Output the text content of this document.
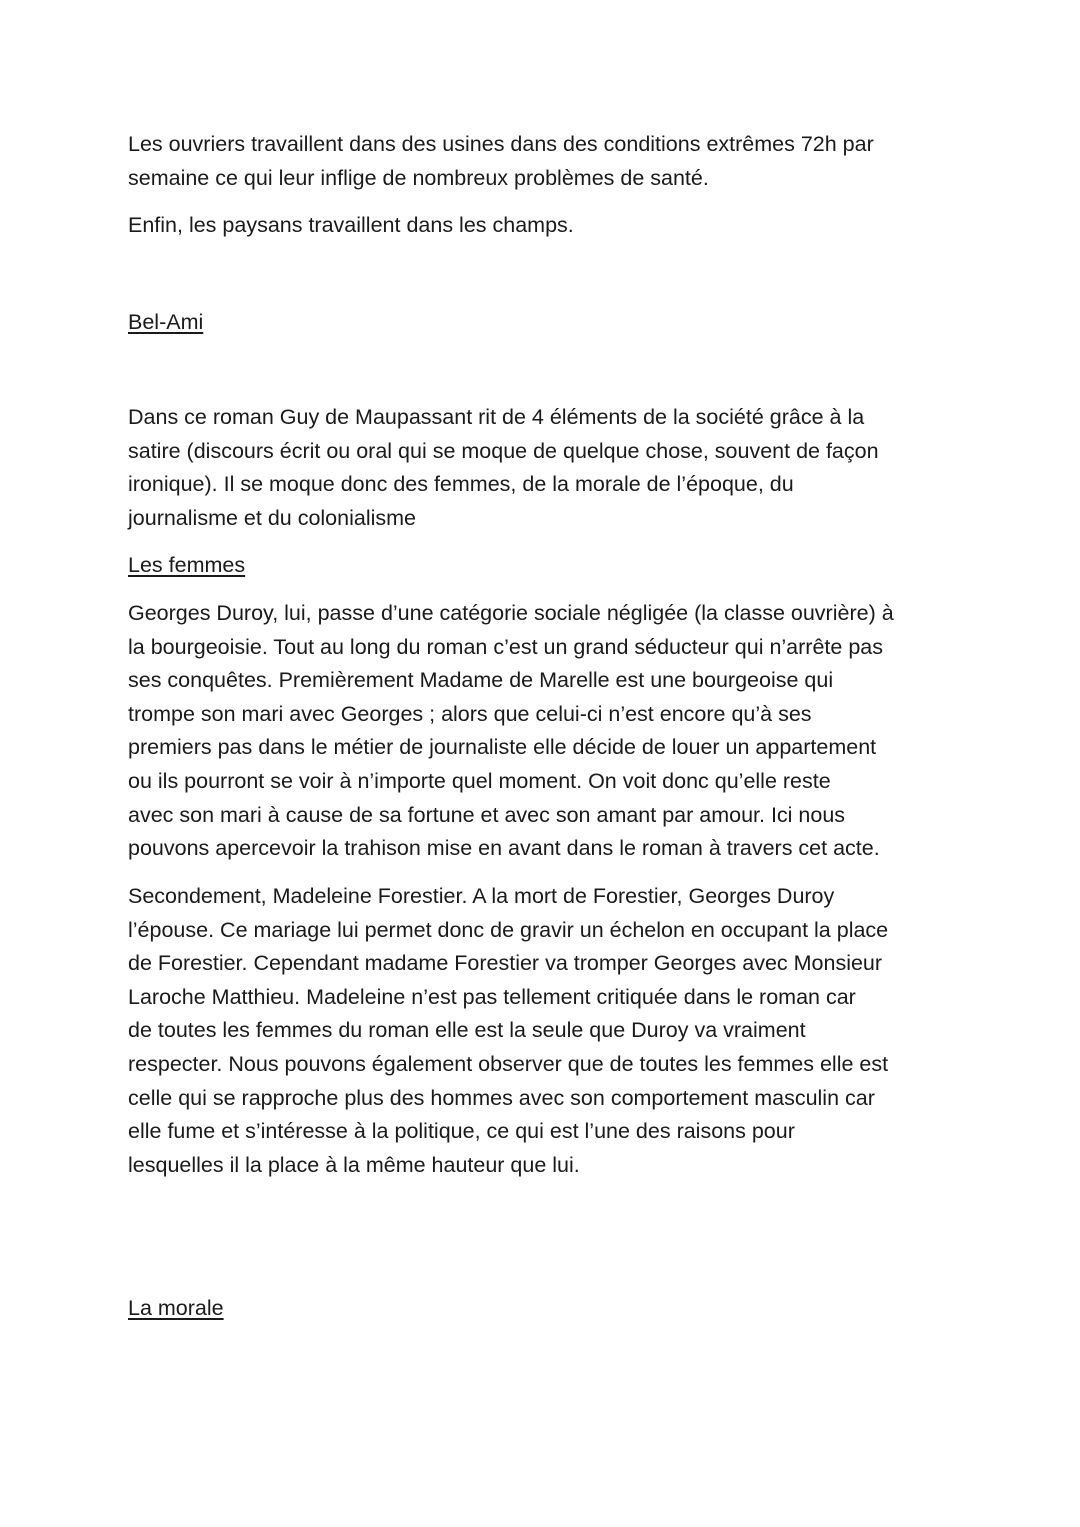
Les ouvriers travaillent dans des usines dans des conditions extrêmes 72h par
semaine ce qui leur inflige de nombreux problèmes de santé.
Enfin, les paysans travaillent dans les champs.
Bel-Ami
Dans ce roman Guy de Maupassant rit de 4 éléments de la société grâce à la
satire (discours écrit ou oral qui se moque de quelque chose, souvent de façon
ironique). Il se moque donc des femmes, de la morale de l’époque, du
journalisme et du colonialisme
Les femmes
Georges Duroy, lui, passe d’une catégorie sociale négligée (la classe ouvrière) à
la bourgeoisie. Tout au long du roman c’est un grand séducteur qui n’arrête pas
ses conquêtes. Premièrement Madame de Marelle est une bourgeoise qui
trompe son mari avec Georges ; alors que celui-ci n’est encore qu’à ses
premiers pas dans le métier de journaliste elle décide de louer un appartement
ou ils pourront se voir à n’importe quel moment. On voit donc qu’elle reste
avec son mari à cause de sa fortune et avec son amant par amour. Ici nous
pouvons apercevoir la trahison mise en avant dans le roman à travers cet acte.
Secondement, Madeleine Forestier. A la mort de Forestier, Georges Duroy
l’épouse. Ce mariage lui permet donc de gravir un échelon en occupant la place
de Forestier. Cependant madame Forestier va tromper Georges avec Monsieur
Laroche Matthieu. Madeleine n’est pas tellement critiquée dans le roman car
de toutes les femmes du roman elle est la seule que Duroy va vraiment
respecter. Nous pouvons également observer que de toutes les femmes elle est
celle qui se rapproche plus des hommes avec son comportement masculin car
elle fume et s’intéresse à la politique, ce qui est l’une des raisons pour
lesquelles il la place à la même hauteur que lui.
La morale
